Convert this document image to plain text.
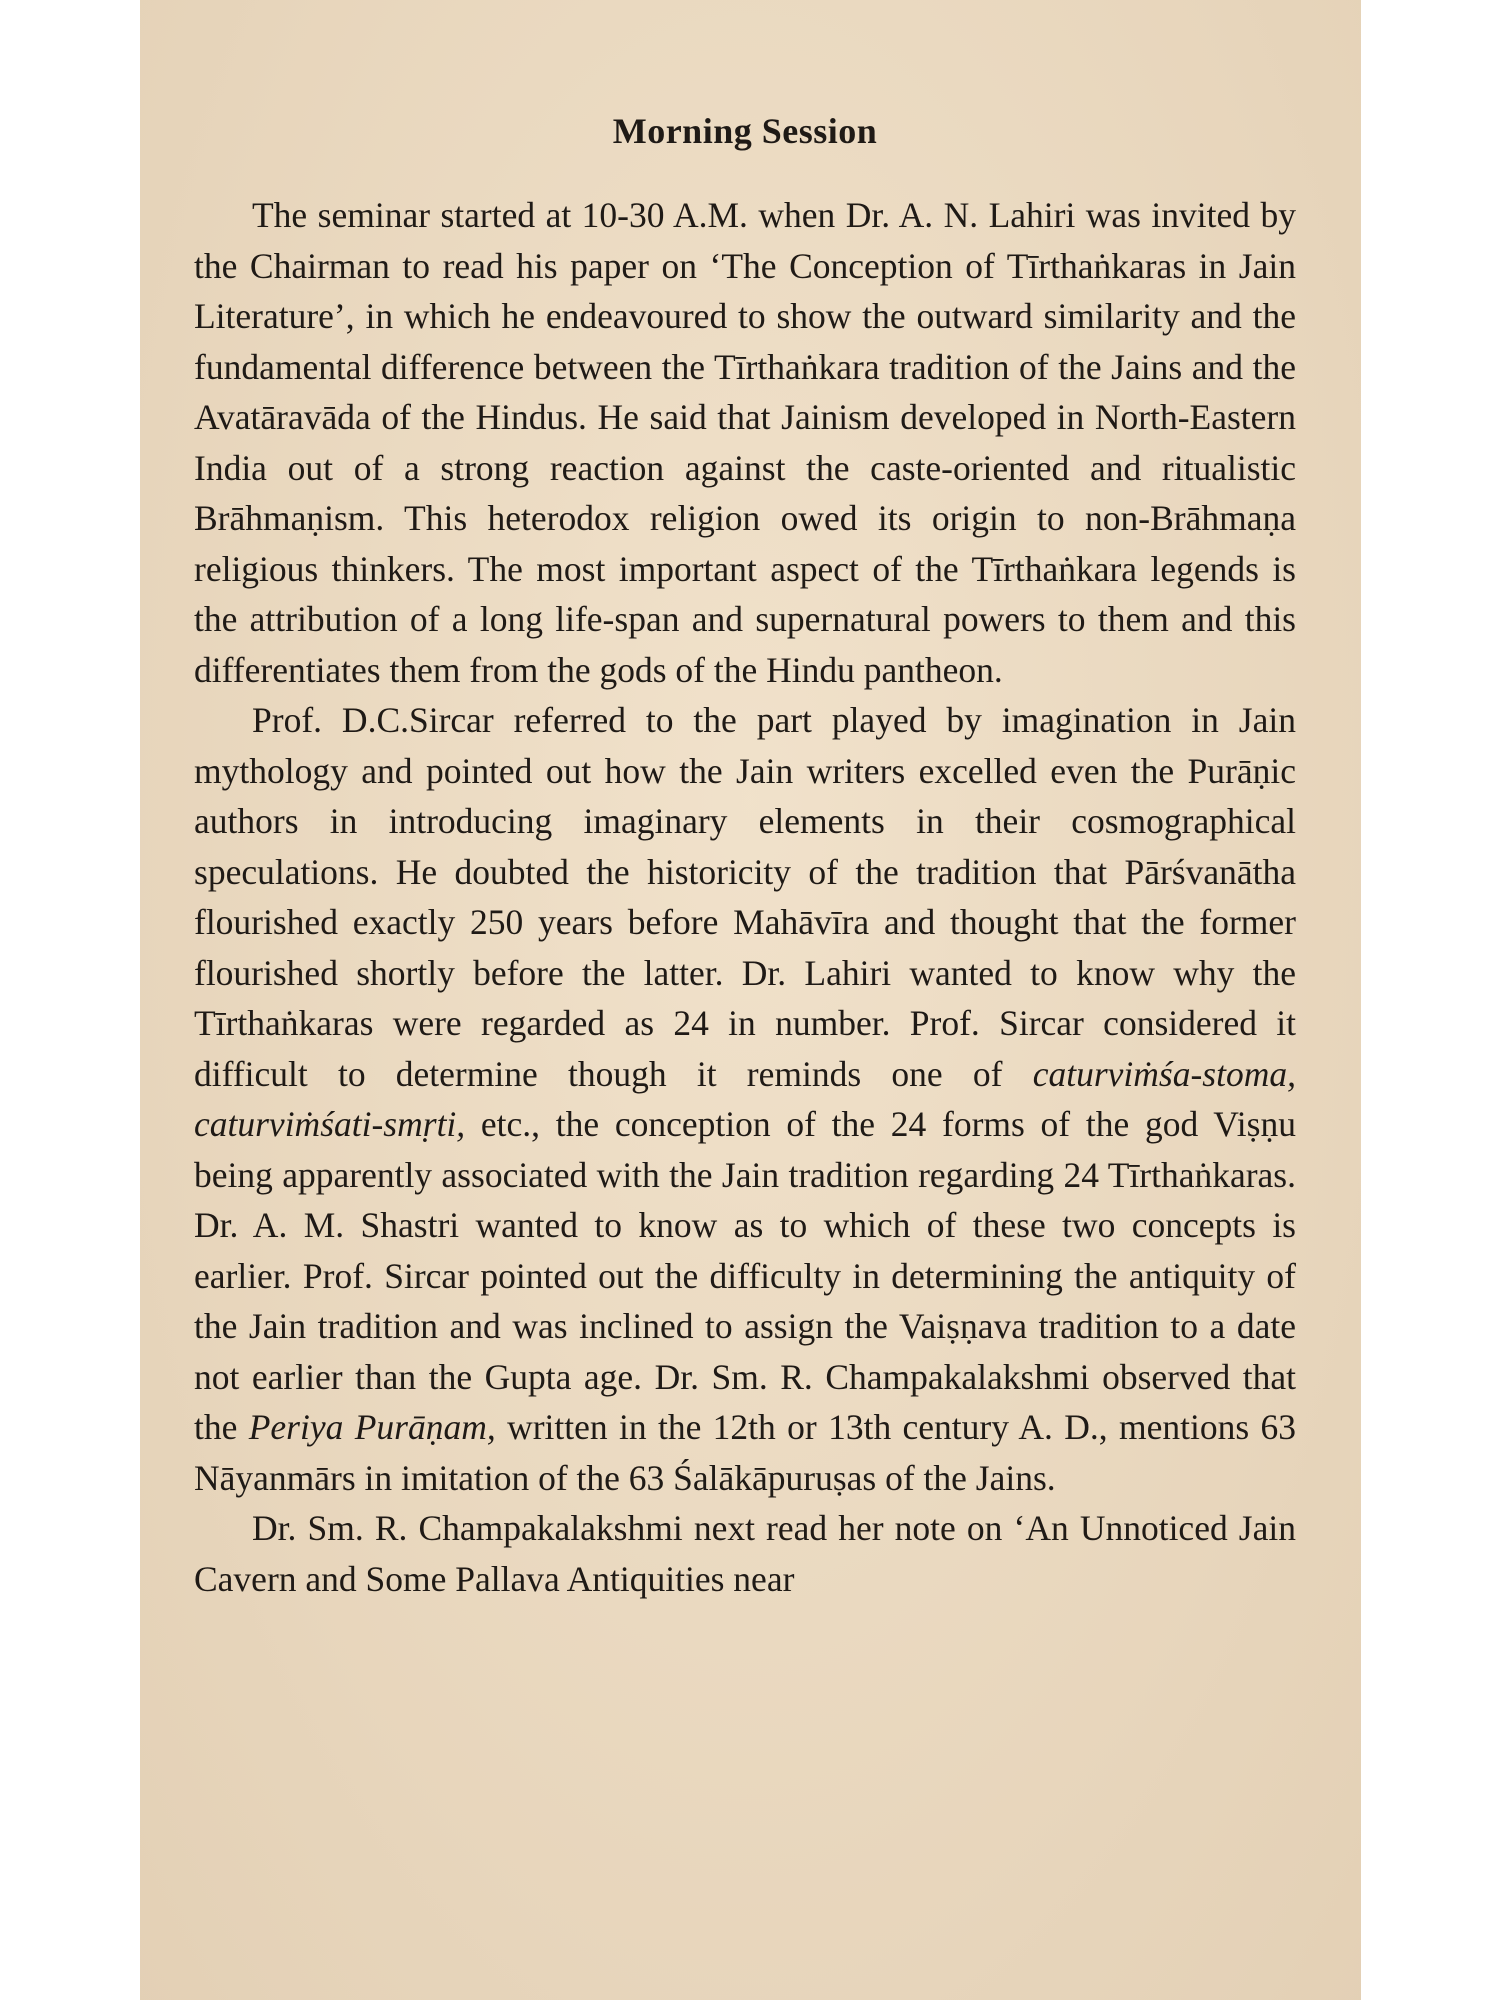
Morning Session

The seminar started at 10-30 A.M. when Dr. A. N. Lahiri was invited by the Chairman to read his paper on ‘The Conception of Tīrthaṅkaras in Jain Literature’, in which he endeavoured to show the outward similarity and the fundamental difference between the Tīrthaṅkara tradition of the Jains and the Avatāravāda of the Hindus. He said that Jainism developed in North-Eastern India out of a strong reaction against the caste-oriented and ritualistic Brāhmaṇism. This heterodox religion owed its origin to non-Brāhmaṇa religious thinkers. The most important aspect of the Tīrthaṅkara legends is the attribution of a long life-span and supernatural powers to them and this differentiates them from the gods of the Hindu pantheon.

Prof. D.C.Sircar referred to the part played by imagination in Jain mythology and pointed out how the Jain writers excelled even the Purāṇic authors in introducing imaginary elements in their cosmographical speculations. He doubted the historicity of the tradition that Pārśvanātha flourished exactly 250 years before Mahāvīra and thought that the former flourished shortly before the latter. Dr. Lahiri wanted to know why the Tīrthaṅkaras were regarded as 24 in number. Prof. Sircar considered it difficult to determine though it reminds one of caturviṁśa-stoma, caturviṁśati-smṛti, etc., the conception of the 24 forms of the god Viṣṇu being apparently associated with the Jain tradition regarding 24 Tīrthaṅkaras. Dr. A. M. Shastri wanted to know as to which of these two concepts is earlier. Prof. Sircar pointed out the difficulty in determining the antiquity of the Jain tradition and was inclined to assign the Vaiṣṇava tradition to a date not earlier than the Gupta age. Dr. Sm. R. Champakalakshmi observed that the Periya Purāṇam, written in the 12th or 13th century A. D., mentions 63 Nāyanmārs in imitation of the 63 Śalākāpuruṣas of the Jains.

Dr. Sm. R. Champakalakshmi next read her note on ‘An Unnoticed Jain Cavern and Some Pallava Antiquities near
